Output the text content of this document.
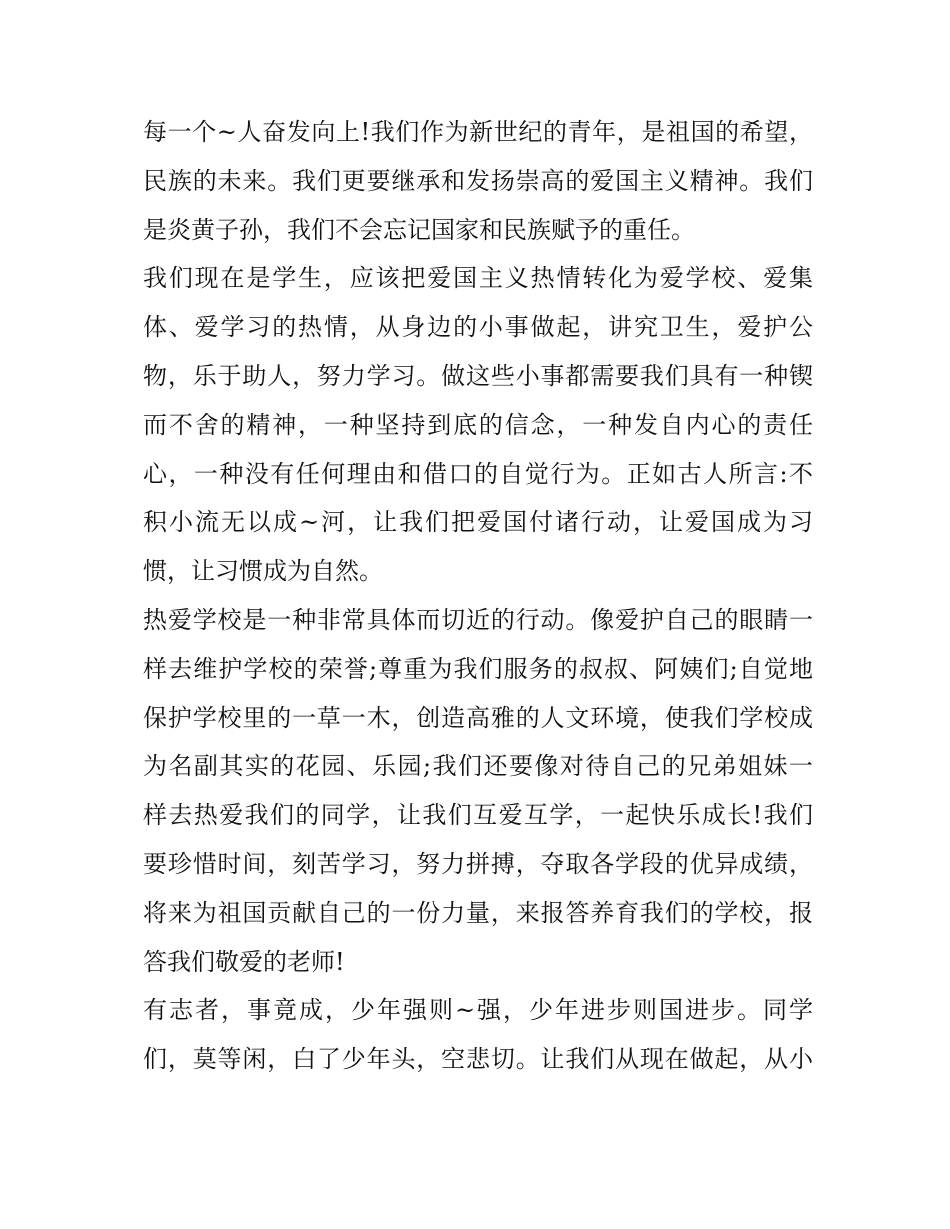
每一个~人奋发向上!我们作为新世纪的青年，是祖国的希望，
民族的未来。我们更要继承和发扬崇高的爱国主义精神。我们
是炎黄子孙，我们不会忘记国家和民族赋予的重任。
我们现在是学生，应该把爱国主义热情转化为爱学校、爱集
体、爱学习的热情，从身边的小事做起，讲究卫生，爱护公
物，乐于助人，努力学习。做这些小事都需要我们具有一种锲
而不舍的精神，一种坚持到底的信念，一种发自内心的责任
心，一种没有任何理由和借口的自觉行为。正如古人所言:不
积小流无以成~河，让我们把爱国付诸行动，让爱国成为习
惯，让习惯成为自然。
热爱学校是一种非常具体而切近的行动。像爱护自己的眼睛一
样去维护学校的荣誉;尊重为我们服务的叔叔、阿姨们;自觉地
保护学校里的一草一木，创造高雅的人文环境，使我们学校成
为名副其实的花园、乐园;我们还要像对待自己的兄弟姐妹一
样去热爱我们的同学，让我们互爱互学，一起快乐成长!我们
要珍惜时间，刻苦学习，努力拼搏，夺取各学段的优异成绩，
将来为祖国贡献自己的一份力量，来报答养育我们的学校，报
答我们敬爱的老师!
有志者，事竟成，少年强则~强，少年进步则国进步。同学
们，莫等闲，白了少年头，空悲切。让我们从现在做起，从小
